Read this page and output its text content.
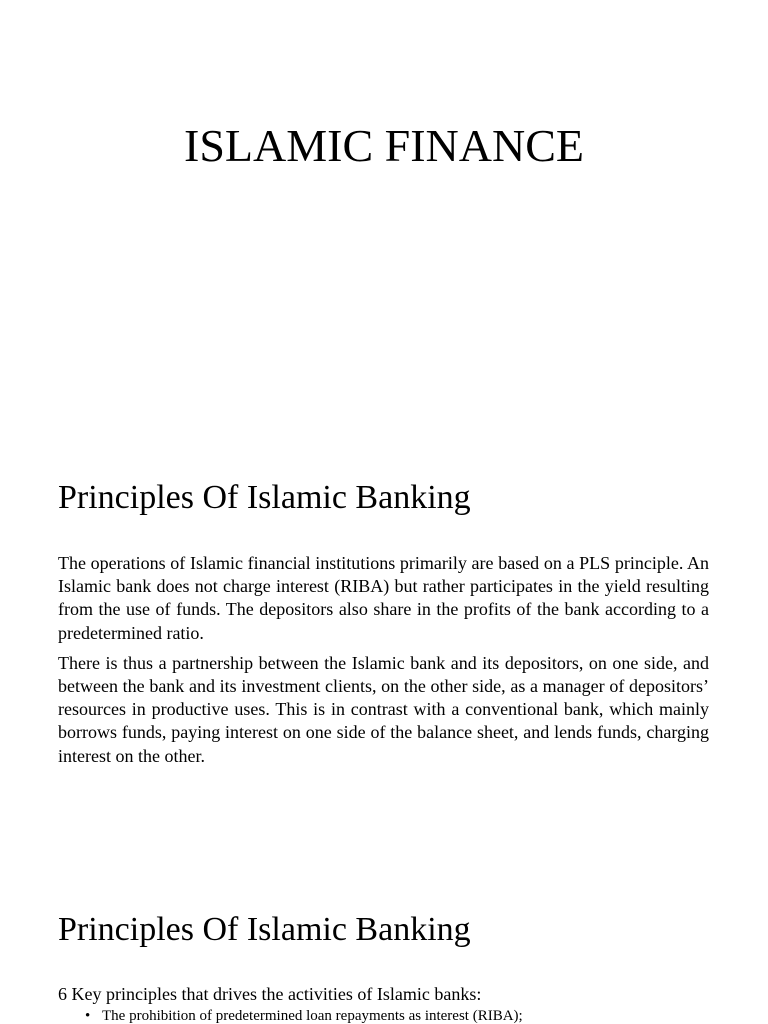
ISLAMIC FINANCE
Principles Of Islamic Banking

The operations of Islamic financial institutions primarily are based on a PLS principle. An Islamic bank does not charge interest (RIBA) but rather participates in the yield resulting from the use of funds. The depositors also share in the profits of the bank according to a predetermined ratio.

There is thus a partnership between the Islamic bank and its depositors, on one side, and between the bank and its investment clients, on the other side, as a manager of depositors’ resources in productive uses. This is in contrast with a conventional bank, which mainly borrows funds, paying interest on one side of the balance sheet, and lends funds, charging interest on the other.

Principles Of Islamic Banking

6 Key principles that drives the activities of Islamic banks:

• The prohibition of predetermined loan repayments as interest (RIBA);
